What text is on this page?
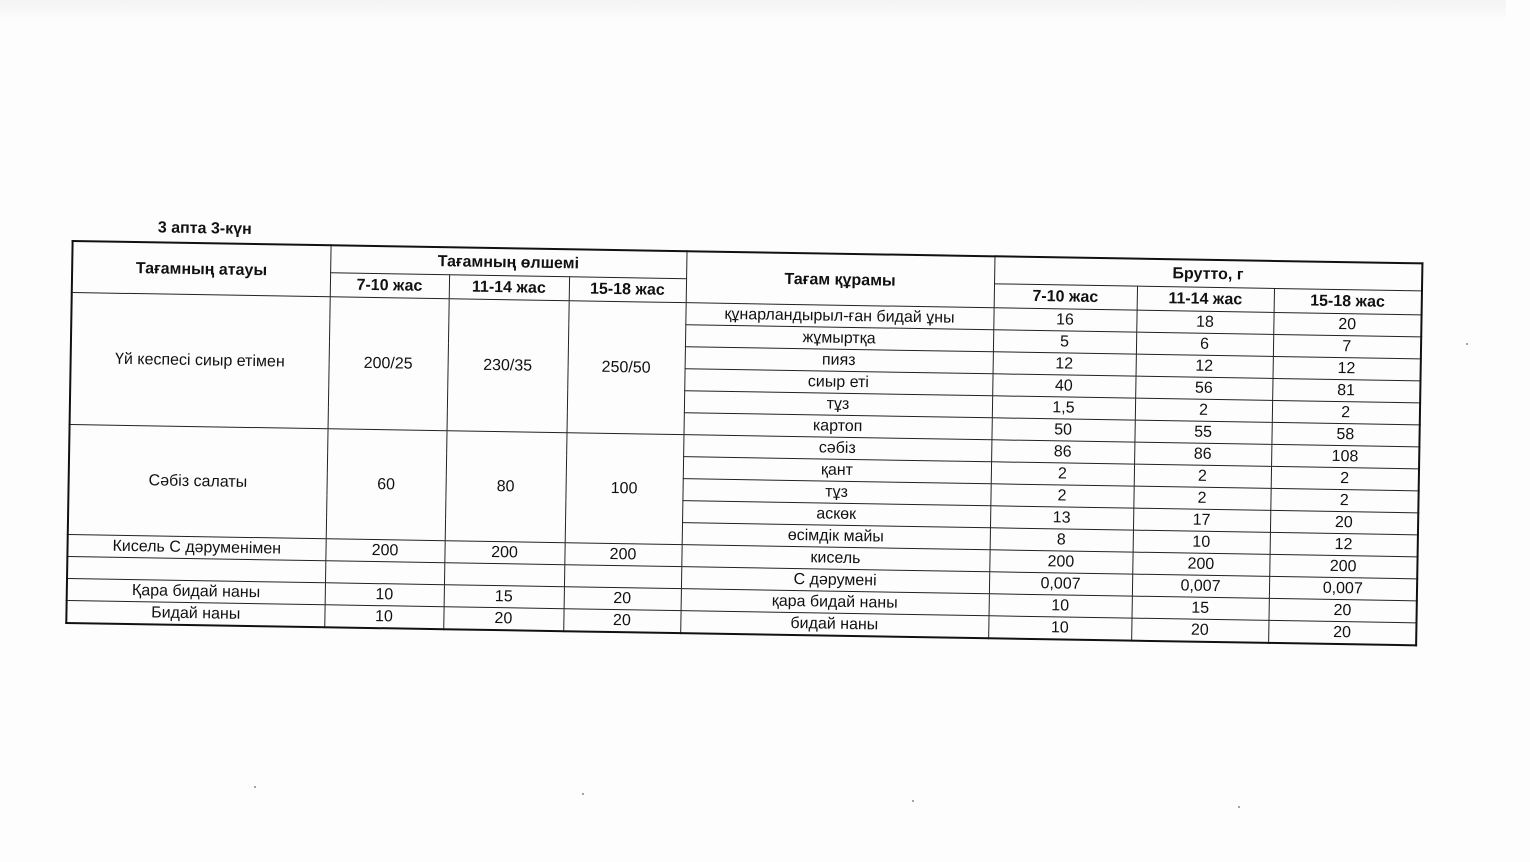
3 апта 3-күн
Тағамның атауы	Тағамның өлшемі			Тағам құрамы	Брутто, г		
	7-10 жас	11-14 жас	15-18 жас		7-10 жас	11-14 жас	15-18 жас
Үй кеспесі сиыр етімен	200/25	230/35	250/50	құнарландырыл-ған бидай ұны	16	18	20
				жұмыртқа	5	6	7
				пияз	12	12	12
				сиыр еті	40	56	81
				тұз	1,5	2	2
				картоп	50	55	58
Сәбіз салаты	60	80	100	сәбіз	86	86	108
				қант	2	2	2
				тұз	2	2	2
				аскөк	13	17	20
				өсімдік майы	8	10	12
Кисель С дәруменімен	200	200	200	кисель	200	200	200
				С дәрумені	0,007	0,007	0,007
Қара бидай наны	10	15	20	қара бидай наны	10	15	20
Бидай наны	10	20	20	бидай наны	10	20	20
